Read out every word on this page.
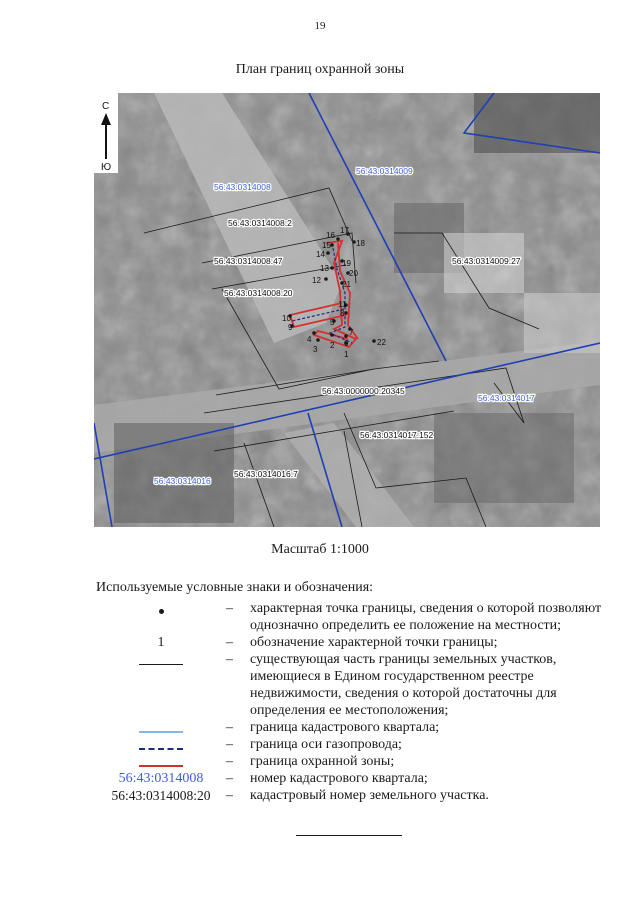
19
План границ охранной зоны
1
2
3
4
5
6
7
8
9
10
11
12
13
14
15
16
17
18
19
20
21
22
56:43:0314008
56:43:0314009
56:43:0314017
56:43:0314016
56:43:0314008:2
56:43:0314008:47	56:43:0314009:27
56:43:0314008:20
56:43:0000000:20345
56:43:0314017:152
56:43:0314016:7
С
Ю
Масштаб 1:1000
Используемые условные знаки и обозначения:
–	характерная точка границы, сведения о которой позволяют однозначно определить ее положение на местности;
1	–	обозначение характерной точки границы;
–	существующая часть границы земельных участков, имеющиеся в Едином государственном реестре недвижимости, сведения о которой достаточны для определения ее местоположения;
–	граница кадастрового квартала;
–	граница оси газопровода;
–	граница охранной зоны;
56:43:0314008	–	номер кадастрового квартала;
56:43:0314008:20	–	кадастровый номер земельного участка.
